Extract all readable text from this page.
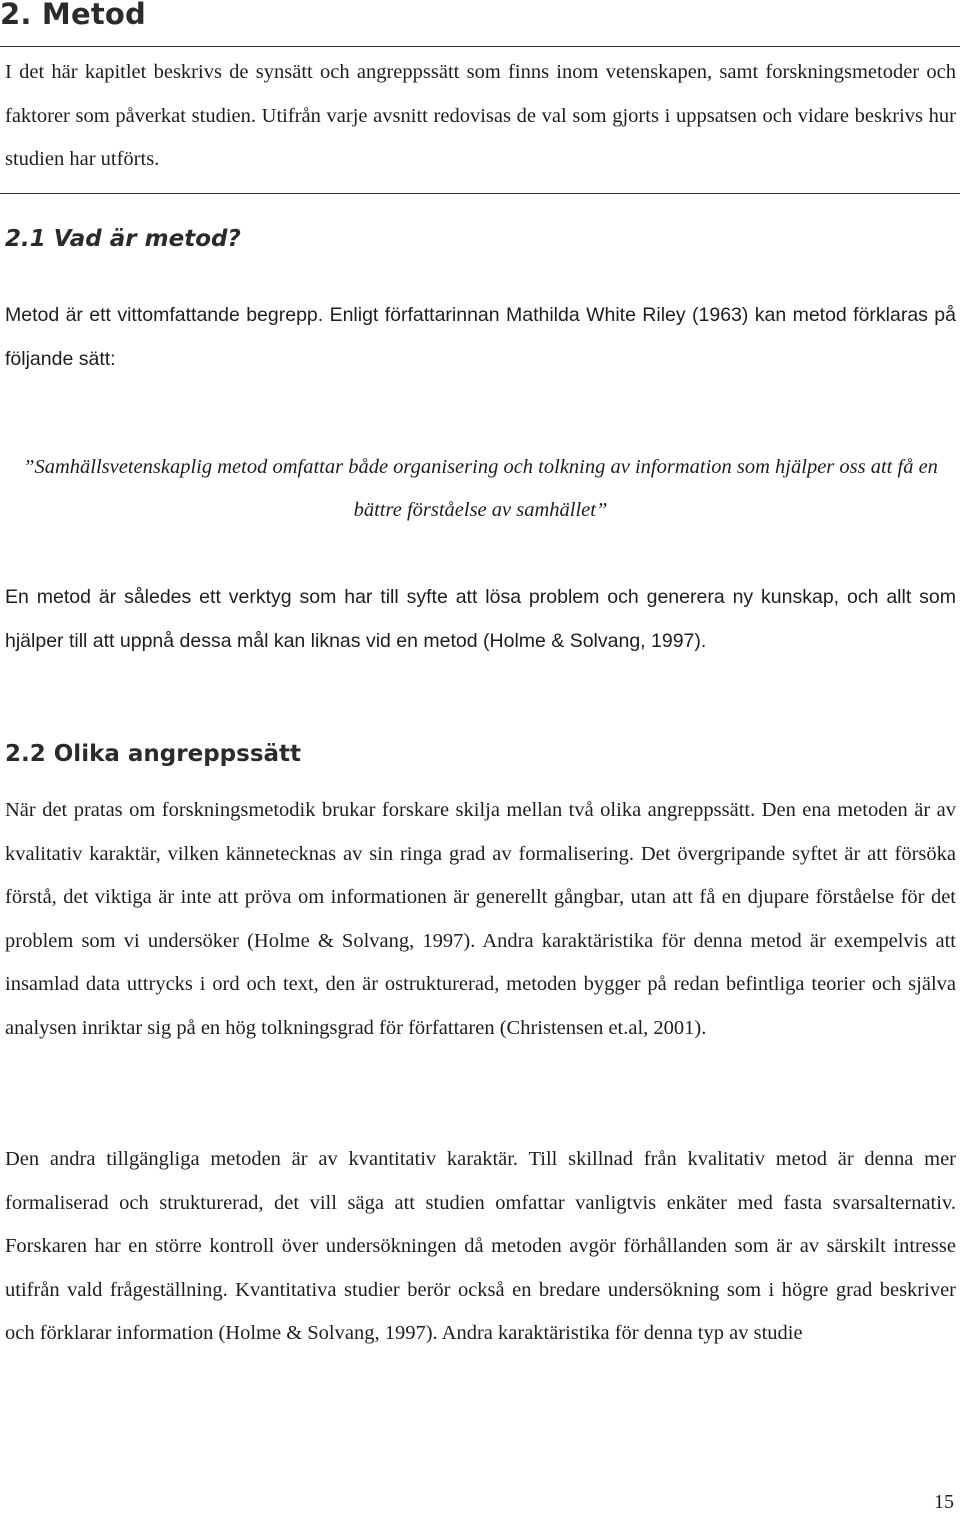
2. Metod

I det här kapitlet beskrivs de synsätt och angreppssätt som finns inom vetenskapen, samt forskningsmetoder och faktorer som påverkat studien. Utifrån varje avsnitt redovisas de val som gjorts i uppsatsen och vidare beskrivs hur studien har utförts.

2.1 Vad är metod?

Metod är ett vittomfattande begrepp. Enligt författarinnan Mathilda White Riley (1963) kan metod förklaras på följande sätt:

”Samhällsvetenskaplig metod omfattar både organisering och tolkning av information som hjälper oss att få en bättre förståelse av samhället”

En metod är således ett verktyg som har till syfte att lösa problem och generera ny kunskap, och allt som hjälper till att uppnå dessa mål kan liknas vid en metod (Holme & Solvang, 1997).

2.2 Olika angreppssätt

När det pratas om forskningsmetodik brukar forskare skilja mellan två olika angreppssätt. Den ena metoden är av kvalitativ karaktär, vilken kännetecknas av sin ringa grad av formalisering. Det övergripande syftet är att försöka förstå, det viktiga är inte att pröva om informationen är generellt gångbar, utan att få en djupare förståelse för det problem som vi undersöker (Holme & Solvang, 1997). Andra karaktäristika för denna metod är exempelvis att insamlad data uttrycks i ord och text, den är ostrukturerad, metoden bygger på redan befintliga teorier och själva analysen inriktar sig på en hög tolkningsgrad för författaren (Christensen et.al, 2001).

Den andra tillgängliga metoden är av kvantitativ karaktär. Till skillnad från kvalitativ metod är denna mer formaliserad och strukturerad, det vill säga att studien omfattar vanligtvis enkäter med fasta svarsalternativ. Forskaren har en större kontroll över undersökningen då metoden avgör förhållanden som är av särskilt intresse utifrån vald frågeställning. Kvantitativa studier berör också en bredare undersökning som i högre grad beskriver och förklarar information (Holme & Solvang, 1997). Andra karaktäristika för denna typ av studie

15
